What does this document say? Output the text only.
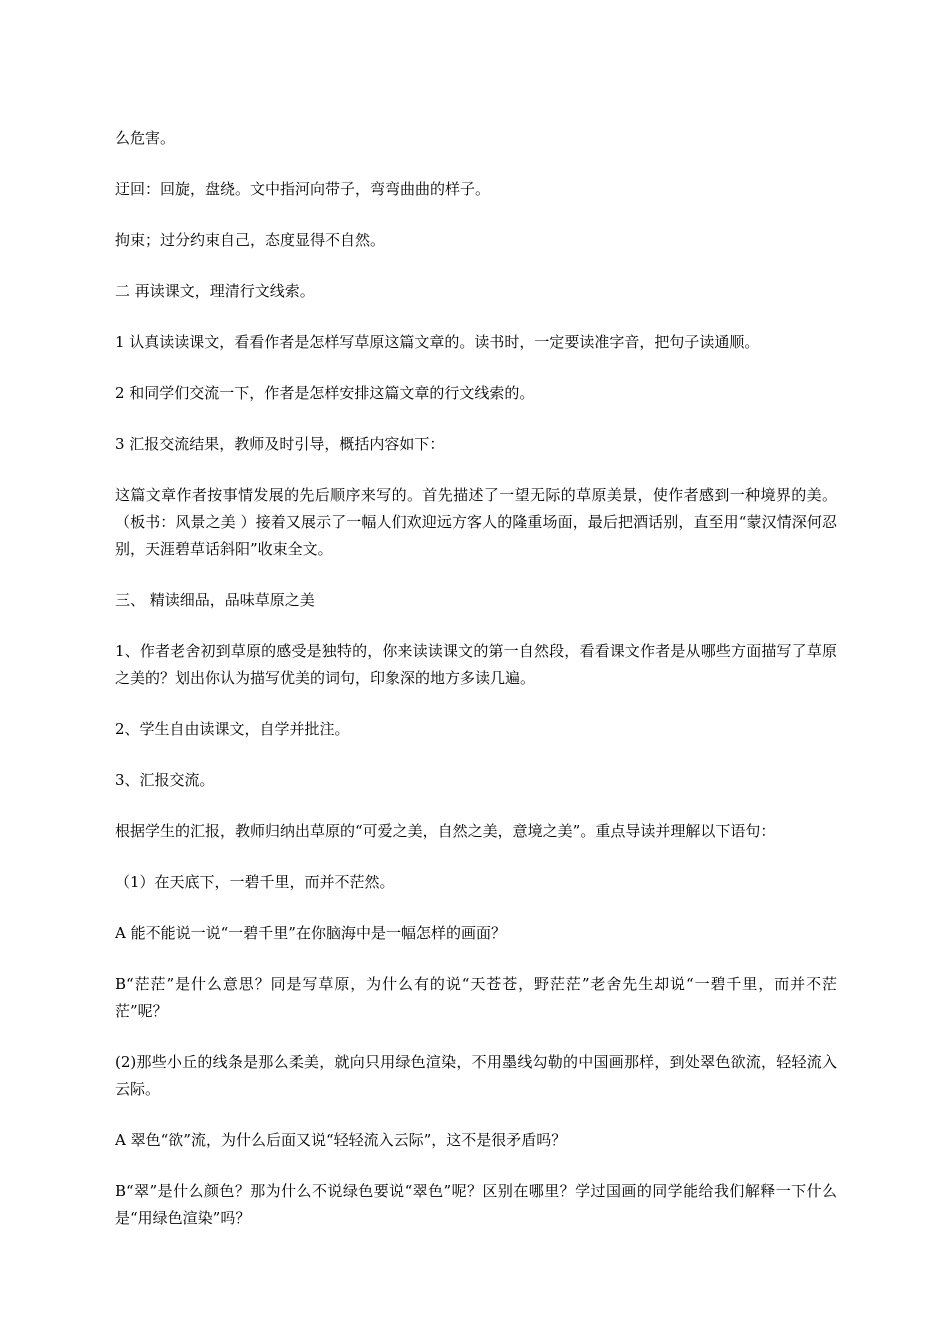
么危害。

迂回：回旋，盘绕。文中指河向带子，弯弯曲曲的样子。

拘束；过分约束自己，态度显得不自然。

二 再读课文，理清行文线索。

1 认真读读课文，看看作者是怎样写草原这篇文章的。读书时，一定要读准字音，把句子读通顺。

2 和同学们交流一下，作者是怎样安排这篇文章的行文线索的。

3 汇报交流结果，教师及时引导，概括内容如下：

这篇文章作者按事情发展的先后顺序来写的。首先描述了一望无际的草原美景，使作者感到一种境界的美。（板书：风景之美 ）接着又展示了一幅人们欢迎远方客人的隆重场面，最后把酒话别，直至用“蒙汉情深何忍别，天涯碧草话斜阳”收束全文。

三、 精读细品，品味草原之美

1、作者老舍初到草原的感受是独特的，你来读读课文的第一自然段，看看课文作者是从哪些方面描写了草原之美的？划出你认为描写优美的词句，印象深的地方多读几遍。

2、学生自由读课文，自学并批注。

3、汇报交流。

根据学生的汇报，教师归纳出草原的“可爱之美，自然之美，意境之美”。重点导读并理解以下语句：

（1）在天底下，一碧千里，而并不茫然。

A 能不能说一说“一碧千里”在你脑海中是一幅怎样的画面？

B“茫茫”是什么意思？同是写草原，为什么有的说“天苍苍，野茫茫”老舍先生却说“一碧千里，而并不茫茫”呢？

(2)那些小丘的线条是那么柔美，就向只用绿色渲染，不用墨线勾勒的中国画那样，到处翠色欲流，轻轻流入云际。

A 翠色“欲”流，为什么后面又说“轻轻流入云际”，这不是很矛盾吗？

B“翠”是什么颜色？那为什么不说绿色要说“翠色”呢？区别在哪里？学过国画的同学能给我们解释一下什么是“用绿色渲染”吗？
